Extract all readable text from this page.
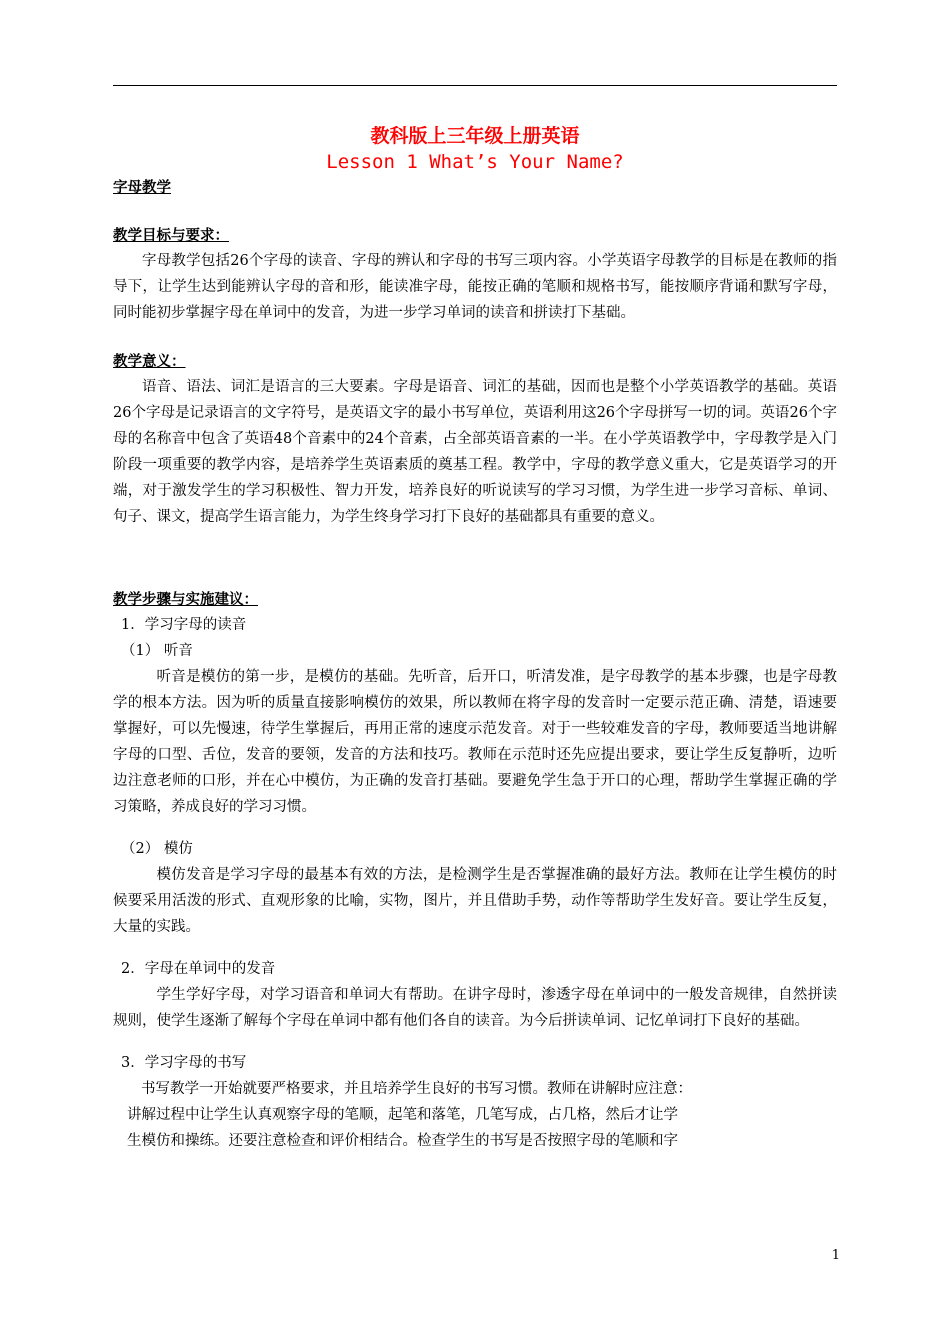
教科版上三年级上册英语
Lesson 1 What’s Your Name?

字母教学

教学目标与要求：

字母教学包括26个字母的读音、字母的辨认和字母的书写三项内容。小学英语字母教学的目标是在教师的指导下，让学生达到能辨认字母的音和形，能读准字母，能按正确的笔顺和规格书写，能按顺序背诵和默写字母，同时能初步掌握字母在单词中的发音，为进一步学习单词的读音和拼读打下基础。

教学意义：

语音、语法、词汇是语言的三大要素。字母是语音、词汇的基础，因而也是整个小学英语教学的基础。英语26个字母是记录语言的文字符号，是英语文字的最小书写单位，英语利用这26个字母拼写一切的词。英语26个字母的名称音中包含了英语48个音素中的24个音素，占全部英语音素的一半。在小学英语教学中，字母教学是入门阶段一项重要的教学内容，是培养学生英语素质的奠基工程。教学中，字母的教学意义重大，它是英语学习的开端，对于激发学生的学习积极性、智力开发，培养良好的听说读写的学习习惯，为学生进一步学习音标、单词、句子、课文，提高学生语言能力，为学生终身学习打下良好的基础都具有重要的意义。

教学步骤与实施建议：

1．学习字母的读音

（1） 听音

听音是模仿的第一步，是模仿的基础。先听音，后开口，听清发准，是字母教学的基本步骤，也是字母教学的根本方法。因为听的质量直接影响模仿的效果，所以教师在将字母的发音时一定要示范正确、清楚，语速要掌握好，可以先慢速，待学生掌握后，再用正常的速度示范发音。对于一些较难发音的字母，教师要适当地讲解字母的口型、舌位，发音的要领，发音的方法和技巧。教师在示范时还先应提出要求，要让学生反复静听，边听边注意老师的口形，并在心中模仿，为正确的发音打基础。要避免学生急于开口的心理，帮助学生掌握正确的学习策略，养成良好的学习习惯。

（2） 模仿

模仿发音是学习字母的最基本有效的方法，是检测学生是否掌握准确的最好方法。教师在让学生模仿的时候要采用活泼的形式、直观形象的比喻，实物，图片，并且借助手势，动作等帮助学生发好音。要让学生反复，大量的实践。

2．字母在单词中的发音

学生学好字母，对学习语音和单词大有帮助。在讲字母时，渗透字母在单词中的一般发音规律，自然拼读规则，使学生逐渐了解每个字母在单词中都有他们各自的读音。为今后拼读单词、记忆单词打下良好的基础。

3．学习字母的书写

书写教学一开始就要严格要求，并且培养学生良好的书写习惯。教师在讲解时应注意：

讲解过程中让学生认真观察字母的笔顺，起笔和落笔，几笔写成，占几格，然后才让学

生模仿和操练。还要注意检查和评价相结合。检查学生的书写是否按照字母的笔顺和字

1
